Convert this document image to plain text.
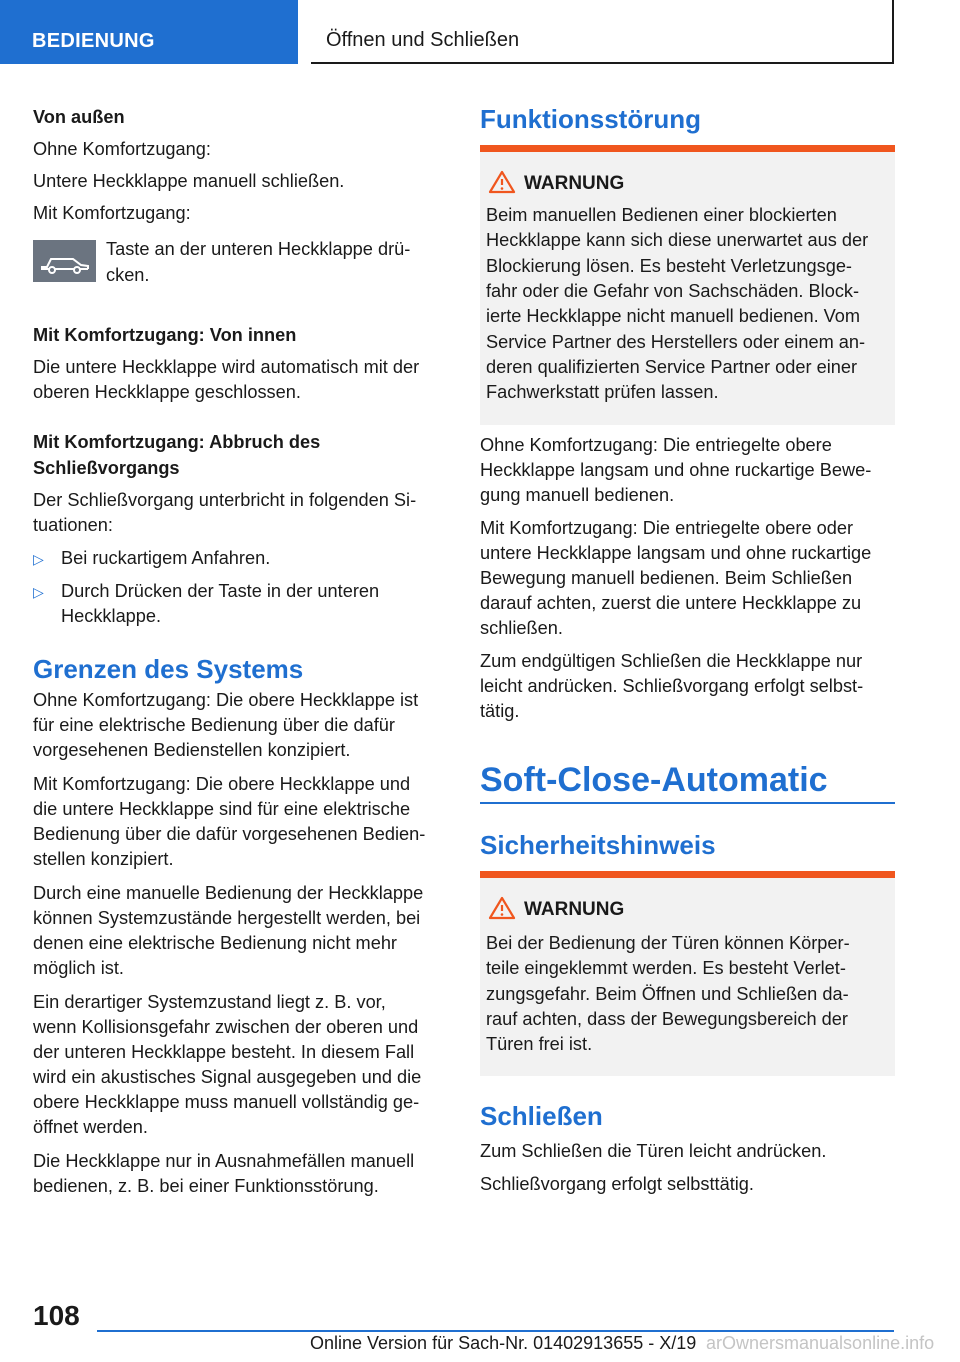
BEDIENUNG	Öffnen und Schließen

Von außen

Ohne Komfortzugang:

Untere Heckklappe manuell schließen.

Mit Komfortzugang:

Taste an der unteren Heckklappe drü-

cken.

Mit Komfortzugang: Von innen

Die untere Heckklappe wird automatisch mit der

oberen Heckklappe geschlossen.

Mit Komfortzugang: Abbruch des

Schließvorgangs

Der Schließvorgang unterbricht in folgenden Si-

tuationen:

▷ Bei ruckartigem Anfahren.
▷ Durch Drücken der Taste in der unteren
Heckklappe.

Grenzen des Systems

Ohne Komfortzugang: Die obere Heckklappe ist

für eine elektrische Bedienung über die dafür

vorgesehenen Bedienstellen konzipiert.

Mit Komfortzugang: Die obere Heckklappe und

die untere Heckklappe sind für eine elektrische

Bedienung über die dafür vorgesehenen Bedien-

stellen konzipiert.

Durch eine manuelle Bedienung der Heckklappe

können Systemzustände hergestellt werden, bei

denen eine elektrische Bedienung nicht mehr

möglich ist.

Ein derartiger Systemzustand liegt z. B. vor,

wenn Kollisionsgefahr zwischen der oberen und

der unteren Heckklappe besteht. In diesem Fall

wird ein akustisches Signal ausgegeben und die

obere Heckklappe muss manuell vollständig ge-

öffnet werden.

Die Heckklappe nur in Ausnahmefällen manuell

bedienen, z. B. bei einer Funktionsstörung.

Funktionsstörung

WARNUNG

Beim manuellen Bedienen einer blockierten

Heckklappe kann sich diese unerwartet aus der

Blockierung lösen. Es besteht Verletzungsge-

fahr oder die Gefahr von Sachschäden. Block-

ierte Heckklappe nicht manuell bedienen. Vom

Service Partner des Herstellers oder einem an-

deren qualifizierten Service Partner oder einer

Fachwerkstatt prüfen lassen.

Ohne Komfortzugang: Die entriegelte obere

Heckklappe langsam und ohne ruckartige Bewe-

gung manuell bedienen.

Mit Komfortzugang: Die entriegelte obere oder

untere Heckklappe langsam und ohne ruckartige

Bewegung manuell bedienen. Beim Schließen

darauf achten, zuerst die untere Heckklappe zu

schließen.

Zum endgültigen Schließen die Heckklappe nur

leicht andrücken. Schließvorgang erfolgt selbst-

tätig.

Soft-Close-Automatic

Sicherheitshinweis

WARNUNG

Bei der Bedienung der Türen können Körper-

teile eingeklemmt werden. Es besteht Verlet-

zungsgefahr. Beim Öffnen und Schließen da-

rauf achten, dass der Bewegungsbereich der

Türen frei ist.

Schließen

Zum Schließen die Türen leicht andrücken.

Schließvorgang erfolgt selbsttätig.

108
Online Version für Sach-Nr. 01402913655 - X/19 arOwnersmanualsonline.info
